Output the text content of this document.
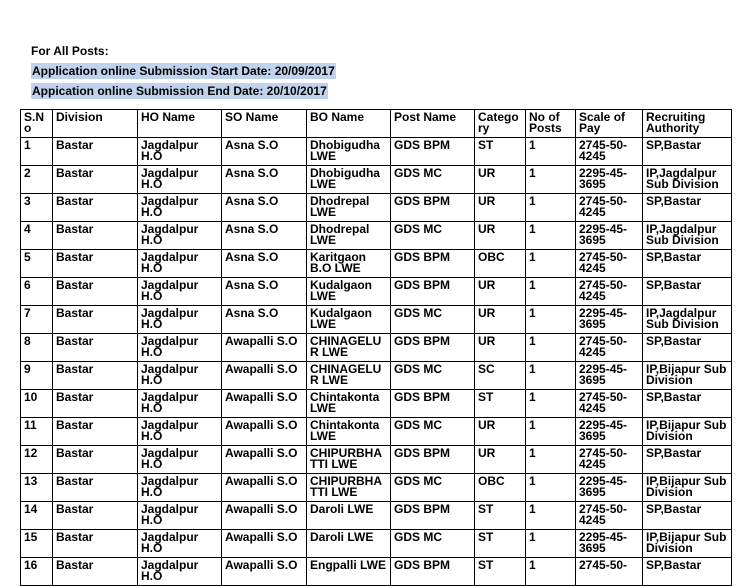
For All Posts:
Application online Submission Start Date: 20/09/2017
Appication online Submission End Date: 20/10/2017
S.No	Division	HO Name	SO Name	BO Name	Post Name	Category	No of Posts	Scale of Pay	Recruiting Authority
1	Bastar	Jagdalpur H.O	Asna S.O	Dhobigudha LWE	GDS BPM	ST	1	2745-50-4245	SP,Bastar
2	Bastar	Jagdalpur H.O	Asna S.O	Dhobigudha LWE	GDS MC	UR	1	2295-45-3695	IP,Jagdalpur Sub Division
3	Bastar	Jagdalpur H.O	Asna S.O	Dhodrepal LWE	GDS BPM	UR	1	2745-50-4245	SP,Bastar
4	Bastar	Jagdalpur H.O	Asna S.O	Dhodrepal LWE	GDS MC	UR	1	2295-45-3695	IP,Jagdalpur Sub Division
5	Bastar	Jagdalpur H.O	Asna S.O	Karitgaon B.O LWE	GDS BPM	OBC	1	2745-50-4245	SP,Bastar
6	Bastar	Jagdalpur H.O	Asna S.O	Kudalgaon LWE	GDS BPM	UR	1	2745-50-4245	SP,Bastar
7	Bastar	Jagdalpur H.O	Asna S.O	Kudalgaon LWE	GDS MC	UR	1	2295-45-3695	IP,Jagdalpur Sub Division
8	Bastar	Jagdalpur H.O	Awapalli S.O	CHINAGELUR LWE	GDS BPM	UR	1	2745-50-4245	SP,Bastar
9	Bastar	Jagdalpur H.O	Awapalli S.O	CHINAGELUR LWE	GDS MC	SC	1	2295-45-3695	IP,Bijapur Sub Division
10	Bastar	Jagdalpur H.O	Awapalli S.O	Chintakonta LWE	GDS BPM	ST	1	2745-50-4245	SP,Bastar
11	Bastar	Jagdalpur H.O	Awapalli S.O	Chintakonta LWE	GDS MC	UR	1	2295-45-3695	IP,Bijapur Sub Division
12	Bastar	Jagdalpur H.O	Awapalli S.O	CHIPURBHATTI LWE	GDS BPM	UR	1	2745-50-4245	SP,Bastar
13	Bastar	Jagdalpur H.O	Awapalli S.O	CHIPURBHATTI LWE	GDS MC	OBC	1	2295-45-3695	IP,Bijapur Sub Division
14	Bastar	Jagdalpur H.O	Awapalli S.O	Daroli LWE	GDS BPM	ST	1	2745-50-4245	SP,Bastar
15	Bastar	Jagdalpur H.O	Awapalli S.O	Daroli LWE	GDS MC	ST	1	2295-45-3695	IP,Bijapur Sub Division
16	Bastar	Jagdalpur H.O	Awapalli S.O	Engpalli LWE	GDS BPM	ST	1	2745-50-	SP,Bastar
